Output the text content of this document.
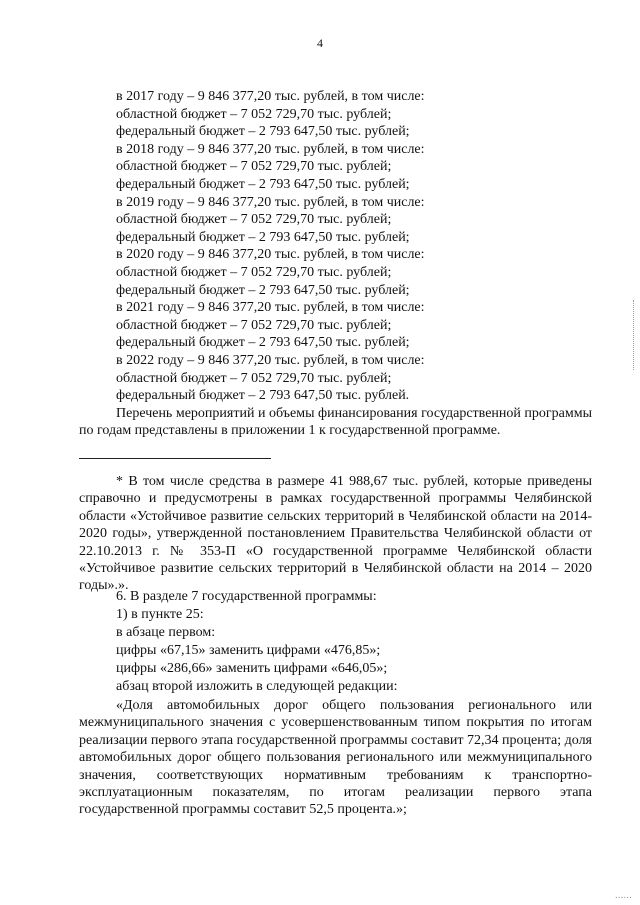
4

в 2017 году – 9 846 377,20 тыс. рублей, в том числе:

областной бюджет – 7 052 729,70 тыс. рублей;

федеральный бюджет – 2 793 647,50 тыс. рублей;

в 2018 году – 9 846 377,20 тыс. рублей, в том числе:

областной бюджет – 7 052 729,70 тыс. рублей;

федеральный бюджет – 2 793 647,50 тыс. рублей;

в 2019 году – 9 846 377,20 тыс. рублей, в том числе:

областной бюджет – 7 052 729,70 тыс. рублей;

федеральный бюджет – 2 793 647,50 тыс. рублей;

в 2020 году – 9 846 377,20 тыс. рублей, в том числе:

областной бюджет – 7 052 729,70 тыс. рублей;

федеральный бюджет – 2 793 647,50 тыс. рублей;

в 2021 году – 9 846 377,20 тыс. рублей, в том числе:

областной бюджет – 7 052 729,70 тыс. рублей;

федеральный бюджет – 2 793 647,50 тыс. рублей;

в 2022 году – 9 846 377,20 тыс. рублей, в том числе:

областной бюджет – 7 052 729,70 тыс. рублей;

федеральный бюджет – 2 793 647,50 тыс. рублей.

Перечень мероприятий и объемы финансирования государственной программы по годам представлены в приложении 1 к государственной программе.

* В том числе средства в размере 41 988,67 тыс. рублей, которые приведены справочно и предусмотрены в рамках государственной программы Челябинской области «Устойчивое развитие сельских территорий в Челябинской области на 2014-2020 годы», утвержденной постановлением Правительства Челябинской области от 22.10.2013 г. № 353-П «О государственной программе Челябинской области «Устойчивое развитие сельских территорий в Челябинской области на 2014 – 2020 годы».».

6. В разделе 7 государственной программы:

1) в пункте 25:

в абзаце первом:

цифры «67,15» заменить цифрами «476,85»;

цифры «286,66» заменить цифрами «646,05»;

абзац второй изложить в следующей редакции:

«Доля автомобильных дорог общего пользования регионального или межмуниципального значения с усовершенствованным типом покрытия по итогам реализации первого этапа государственной программы составит 72,34 процента; доля автомобильных дорог общего пользования регионального или межмуниципального значения, соответствующих нормативным требованиям к транспортно-эксплуатационным показателям, по итогам реализации первого этапа государственной программы составит 52,5 процента.»;

......
